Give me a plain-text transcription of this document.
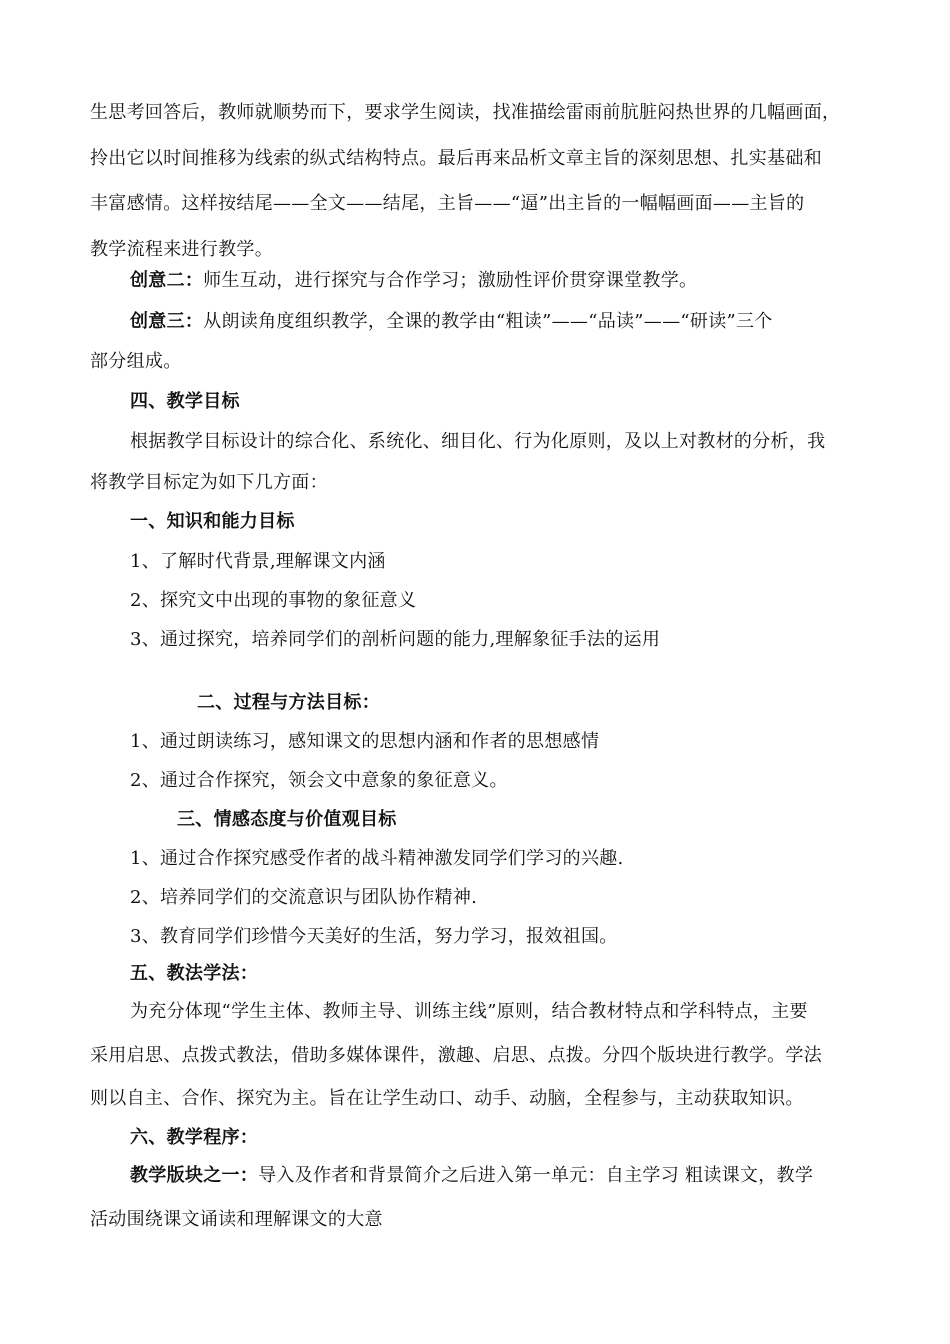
生思考回答后，教师就顺势而下，要求学生阅读，找准描绘雷雨前肮脏闷热世界的几幅画面，
拎出它以时间推移为线索的纵式结构特点。最后再来品析文章主旨的深刻思想、扎实基础和
丰富感情。这样按结尾——全文——结尾，主旨——“逼”出主旨的一幅幅画面——主旨的
教学流程来进行教学。
创意二：师生互动，进行探究与合作学习；激励性评价贯穿课堂教学。
创意三：从朗读角度组织教学，全课的教学由“粗读”——“品读”——“研读”三个
部分组成。
四、教学目标
根据教学目标设计的综合化、系统化、细目化、行为化原则，及以上对教材的分析，我
将教学目标定为如下几方面：
一、知识和能力目标
1、了解时代背景,理解课文内涵
2、探究文中出现的事物的象征意义
3、通过探究，培养同学们的剖析问题的能力,理解象征手法的运用
二、过程与方法目标：
1、通过朗读练习，感知课文的思想内涵和作者的思想感情
2、通过合作探究，领会文中意象的象征意义。
三、情感态度与价值观目标
1、通过合作探究感受作者的战斗精神激发同学们学习的兴趣.
2、培养同学们的交流意识与团队协作精神.
3、教育同学们珍惜今天美好的生活，努力学习，报效祖国。
五、教法学法：
为充分体现“学生主体、教师主导、训练主线”原则，结合教材特点和学科特点，主要
采用启思、点拨式教法，借助多媒体课件，激趣、启思、点拨。分四个版块进行教学。学法
则以自主、合作、探究为主。旨在让学生动口、动手、动脑，全程参与，主动获取知识。
六、教学程序：
教学版块之一：导入及作者和背景简介之后进入第一单元：自主学习 粗读课文，教学
活动围绕课文诵读和理解课文的大意
